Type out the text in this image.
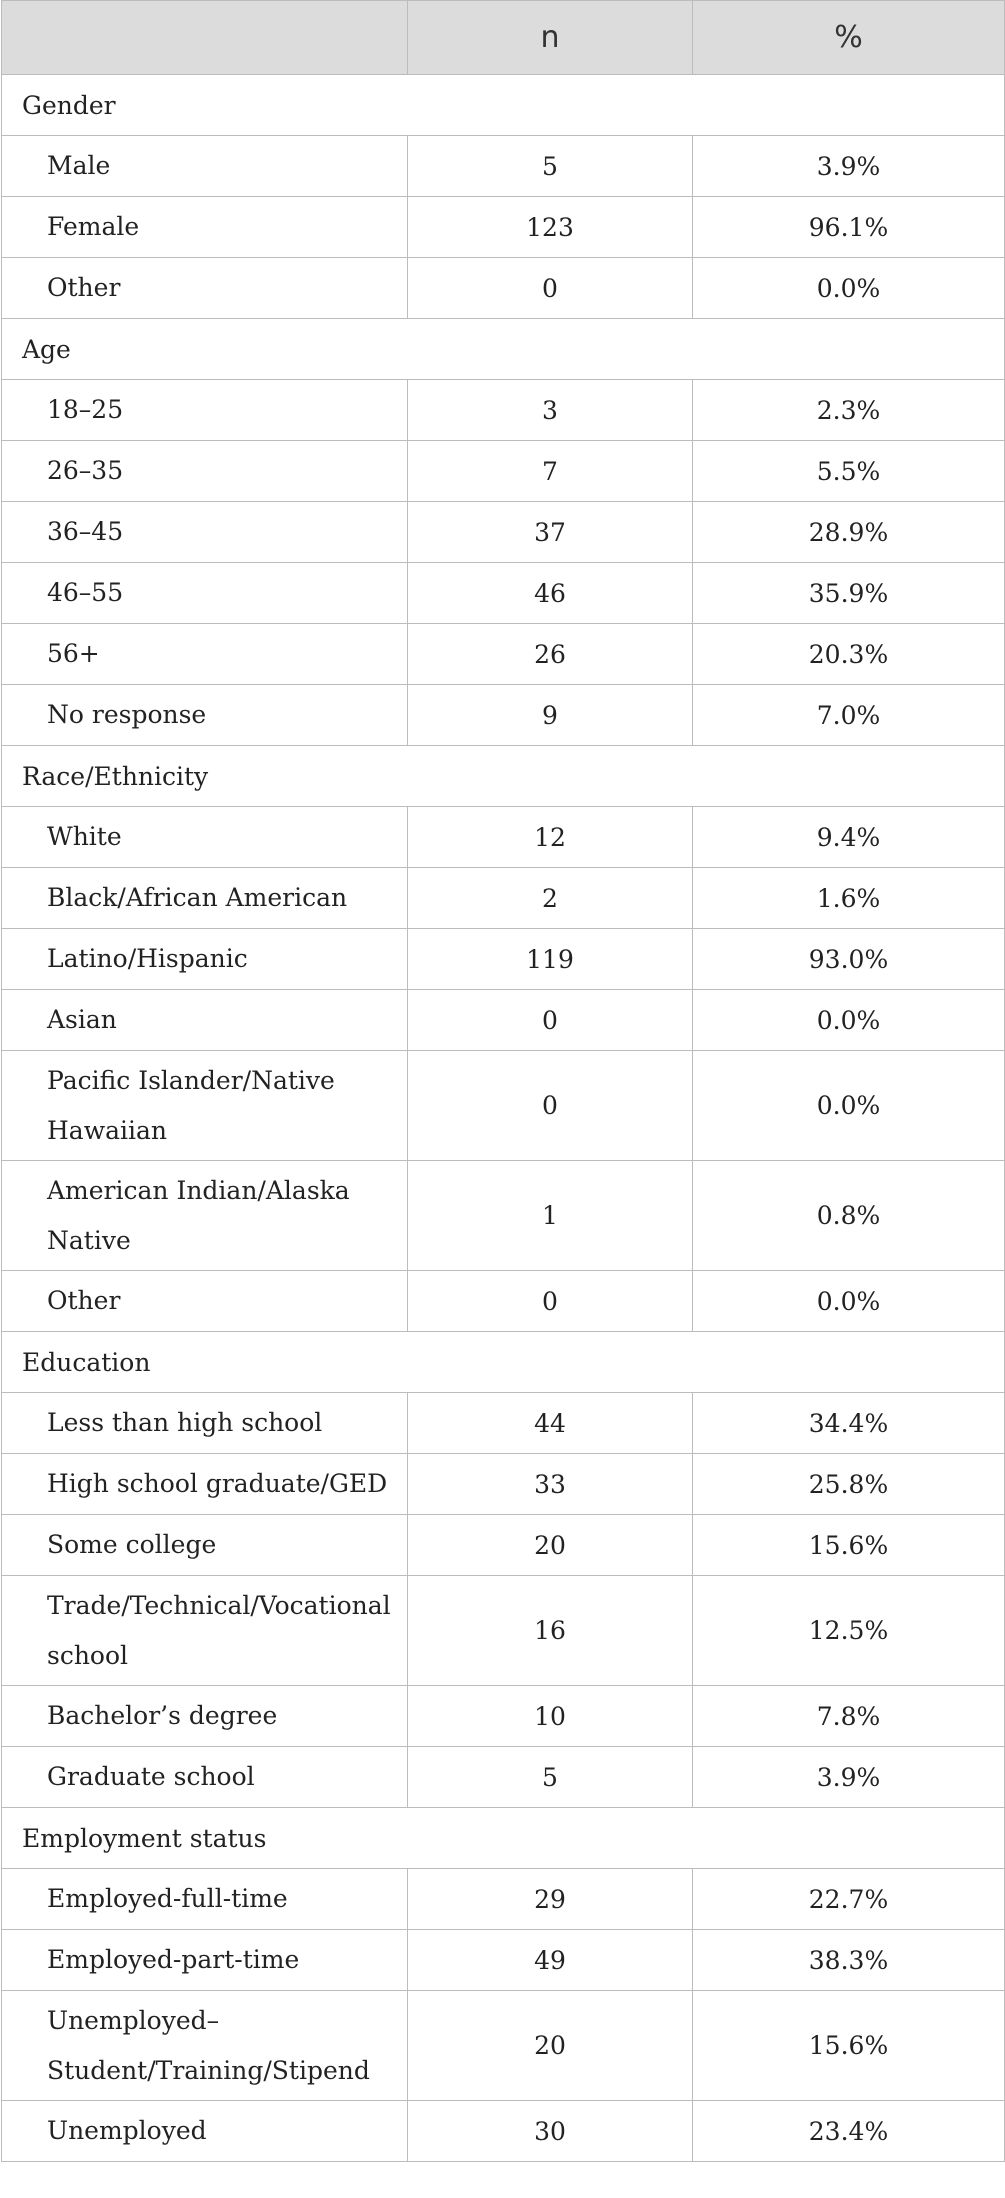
	n	%
Gender		
Male	5	3.9%
Female	123	96.1%
Other	0	0.0%
Age		
18–25	3	2.3%
26–35	7	5.5%
36–45	37	28.9%
46–55	46	35.9%
56+	26	20.3%
No response	9	7.0%
Race/Ethnicity		
White	12	9.4%
Black/African American	2	1.6%
Latino/Hispanic	119	93.0%
Asian	0	0.0%
Pacific Islander/Native Hawaiian	0	0.0%
American Indian/Alaska Native	1	0.8%
Other	0	0.0%
Education		
Less than high school	44	34.4%
High school graduate/GED	33	25.8%
Some college	20	15.6%
Trade/Technical/Vocational school	16	12.5%
Bachelor’s degree	10	7.8%
Graduate school	5	3.9%
Employment status		
Employed-full-time	29	22.7%
Employed-part-time	49	38.3%
Unemployed–Student/Training/Stipend	20	15.6%
Unemployed	30	23.4%
